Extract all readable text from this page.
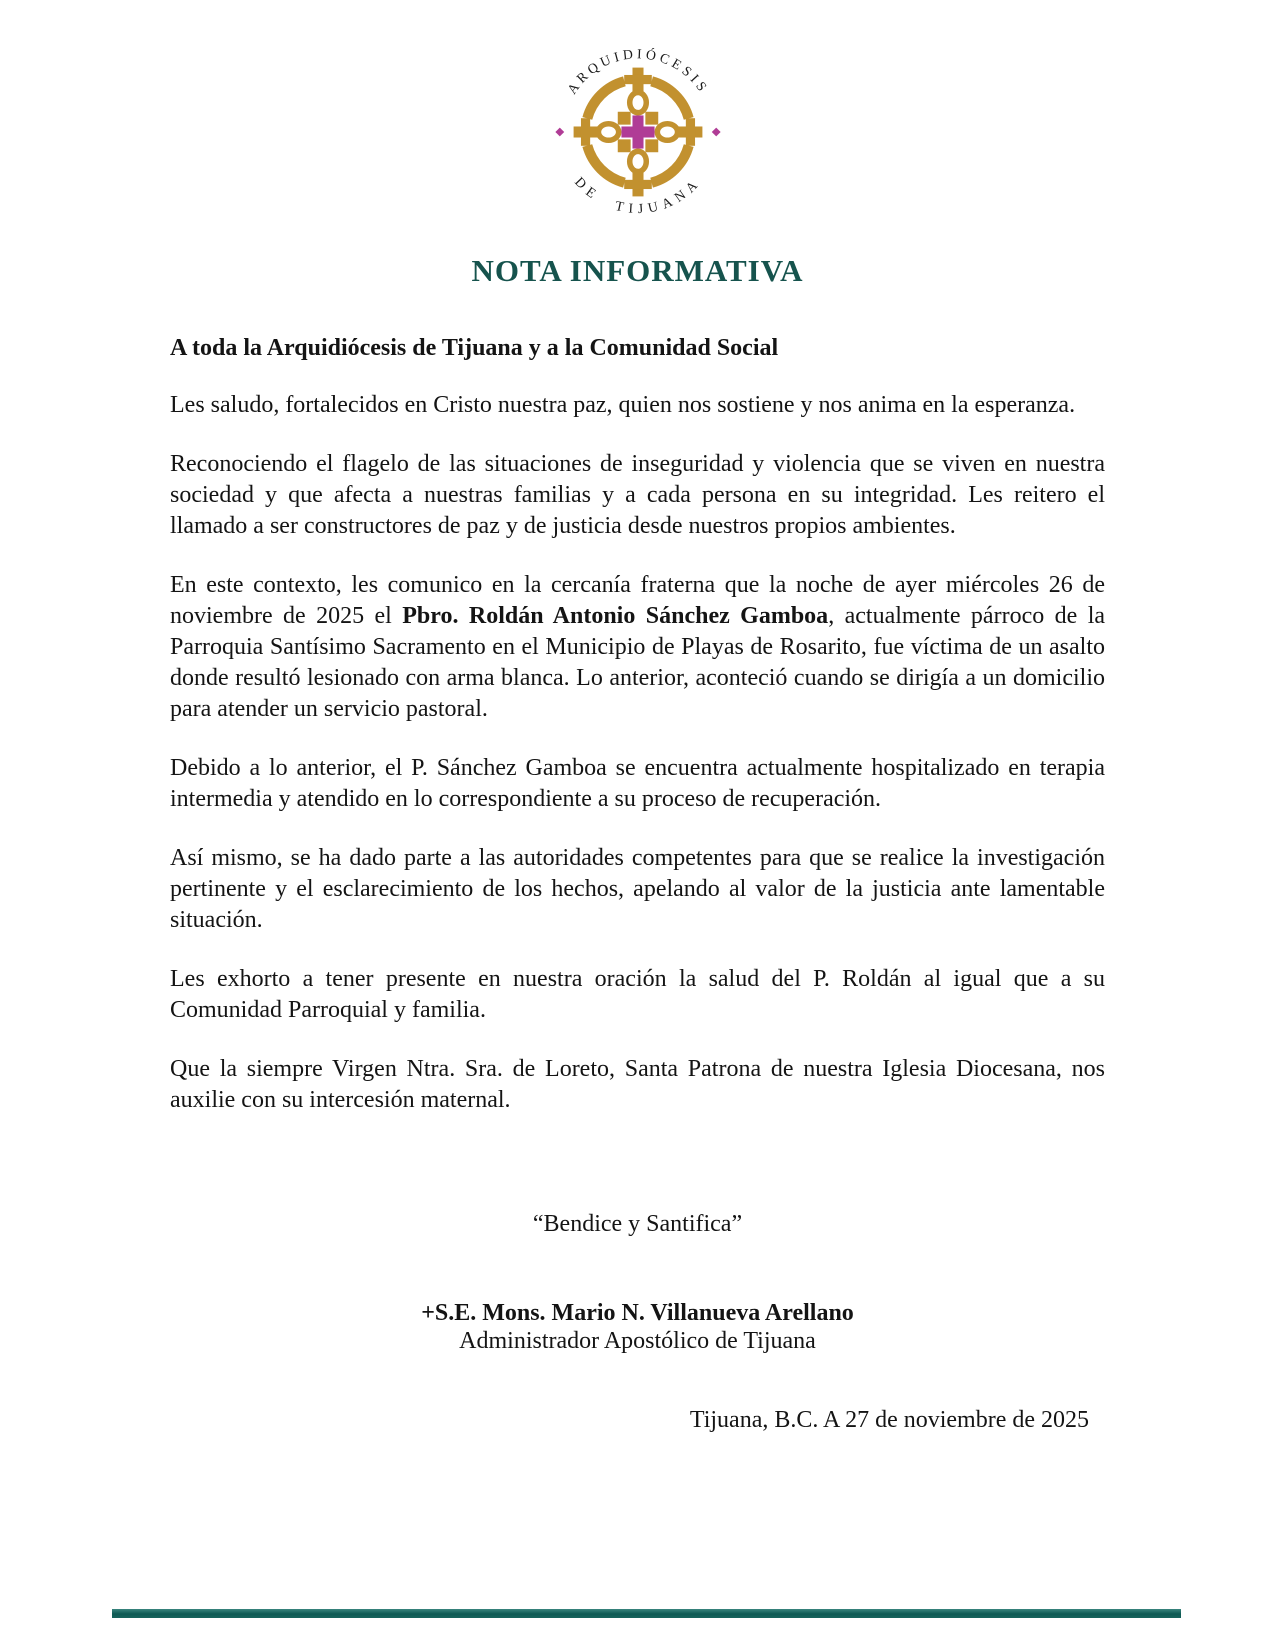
ARQUIDIÓCESIS
DE TIJUANA
NOTA INFORMATIVA
A toda la Arquidiócesis de Tijuana y a la Comunidad Social

Les saludo, fortalecidos en Cristo nuestra paz, quien nos sostiene y nos anima en la esperanza.

Reconociendo el flagelo de las situaciones de inseguridad y violencia que se viven en nuestra sociedad y que afecta a nuestras familias y a cada persona en su integridad. Les reitero el llamado a ser constructores de paz y de justicia desde nuestros propios ambientes.

En este contexto, les comunico en la cercanía fraterna que la noche de ayer miércoles 26 de noviembre de 2025 el Pbro. Roldán Antonio Sánchez Gamboa, actualmente párroco de la Parroquia Santísimo Sacramento en el Municipio de Playas de Rosarito, fue víctima de un asalto donde resultó lesionado con arma blanca. Lo anterior, aconteció cuando se dirigía a un domicilio para atender un servicio pastoral.

Debido a lo anterior, el P. Sánchez Gamboa se encuentra actualmente hospitalizado en terapia intermedia y atendido en lo correspondiente a su proceso de recuperación.

Así mismo, se ha dado parte a las autoridades competentes para que se realice la investigación pertinente y el esclarecimiento de los hechos, apelando al valor de la justicia ante lamentable situación.

Les exhorto a tener presente en nuestra oración la salud del P. Roldán al igual que a su Comunidad Parroquial y familia.

Que la siempre Virgen Ntra. Sra. de Loreto, Santa Patrona de nuestra Iglesia Diocesana, nos auxilie con su intercesión maternal.

“Bendice y Santifica”
+S.E. Mons. Mario N. Villanueva Arellano
Administrador Apostólico de Tijuana
Tijuana, B.C. A 27 de noviembre de 2025
